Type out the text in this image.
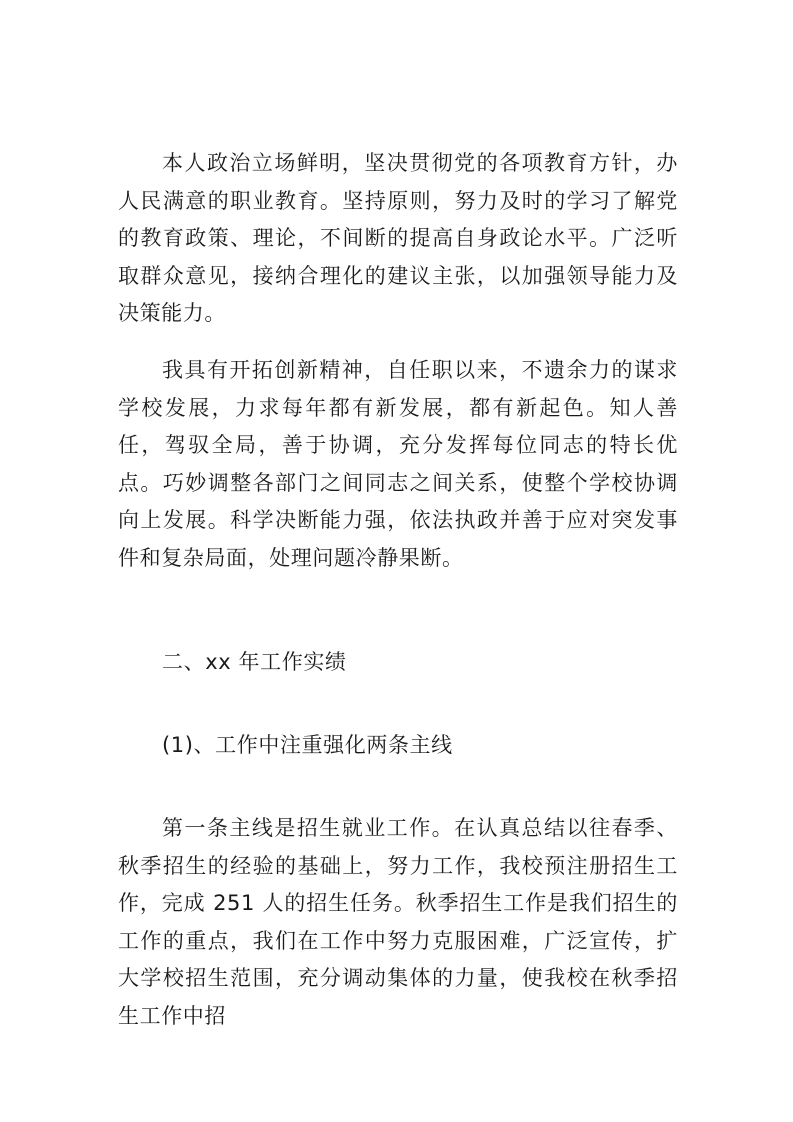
本人政治立场鲜明，坚决贯彻党的各项教育方针，办人民满意的职业教育。坚持原则，努力及时的学习了解党的教育政策、理论，不间断的提高自身政论水平。广泛听取群众意见，接纳合理化的建议主张，以加强领导能力及决策能力。

我具有开拓创新精神，自任职以来，不遗余力的谋求学校发展，力求每年都有新发展，都有新起色。知人善任，驾驭全局，善于协调，充分发挥每位同志的特长优点。巧妙调整各部门之间同志之间关系，使整个学校协调向上发展。科学决断能力强，依法执政并善于应对突发事件和复杂局面，处理问题冷静果断。

二、xx 年工作实绩

(1)、工作中注重强化两条主线

第一条主线是招生就业工作。在认真总结以往春季、秋季招生的经验的基础上，努力工作，我校预注册招生工作，完成 251 人的招生任务。秋季招生工作是我们招生的工作的重点，我们在工作中努力克服困难，广泛宣传，扩大学校招生范围，充分调动集体的力量，使我校在秋季招生工作中招
